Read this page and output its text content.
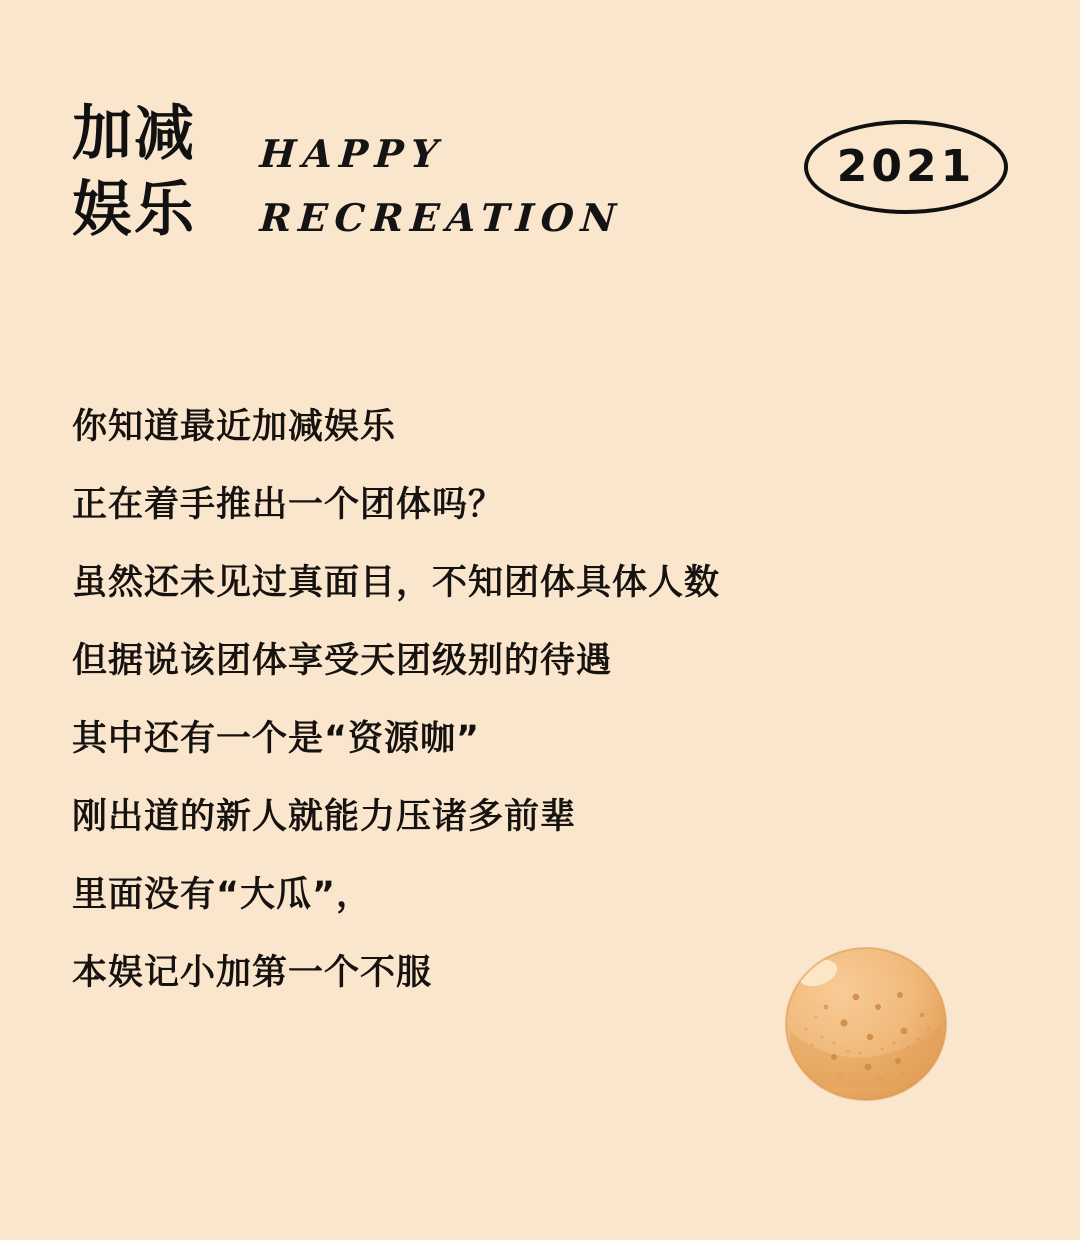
加减
娱乐
HAPPY
RECREATION
2021
你知道最近加减娱乐
正在着手推出一个团体吗？
虽然还未见过真面目，不知团体具体人数
但据说该团体享受天团级别的待遇
其中还有一个是“资源咖”
刚出道的新人就能力压诸多前辈
里面没有“大瓜”，
本娱记小加第一个不服
